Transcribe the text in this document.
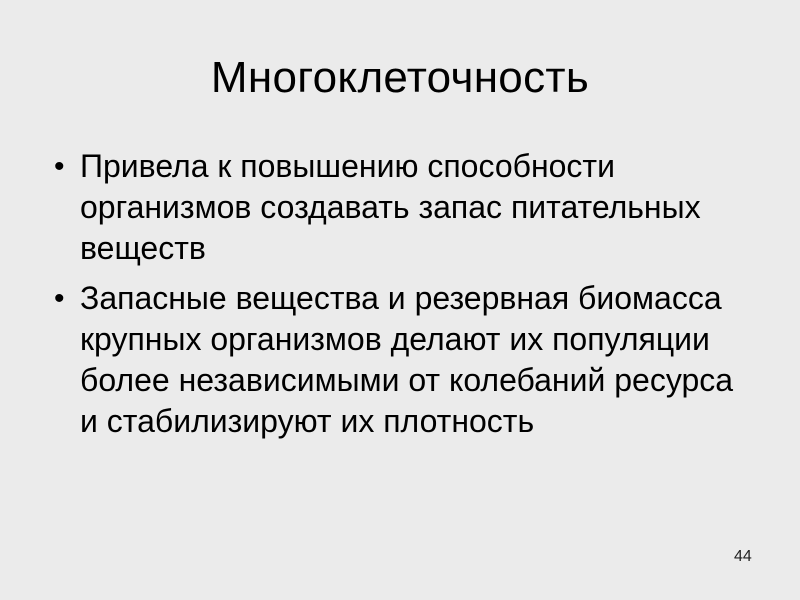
Многоклеточность
• Привела к повышению способности организмов создавать запас питательных веществ
• Запасные вещества и резервная биомасса крупных организмов делают их популяции более независимыми от колебаний ресурса и стабилизируют их плотность
44
